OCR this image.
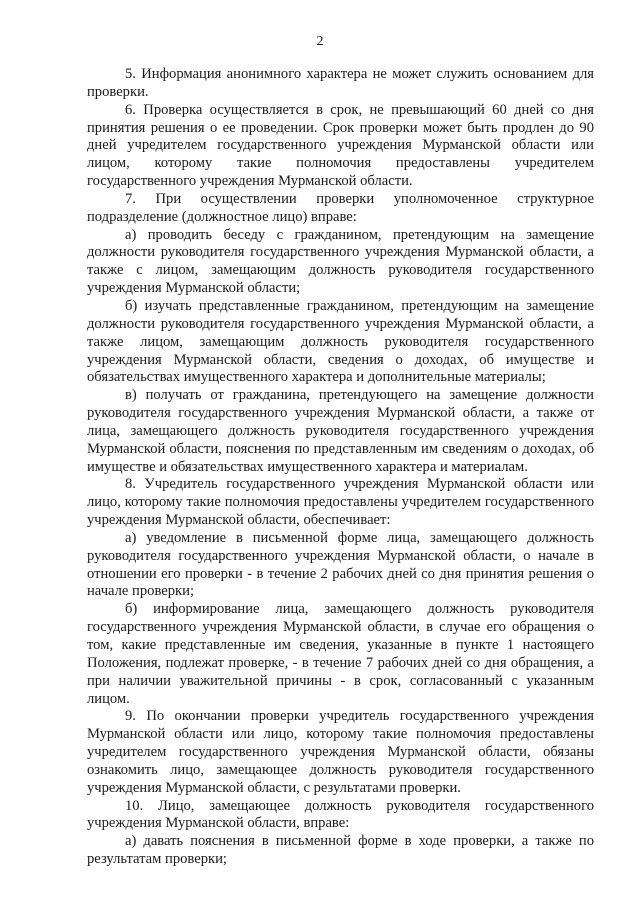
2

5. Информация анонимного характера не может служить основанием для проверки.

6. Проверка осуществляется в срок, не превышающий 60 дней со дня принятия решения о ее проведении. Срок проверки может быть продлен до 90 дней учредителем государственного учреждения Мурманской области или лицом, которому такие полномочия предоставлены учредителем государственного учреждения Мурманской области.

7. При осуществлении проверки уполномоченное структурное подразделение (должностное лицо) вправе:

а) проводить беседу с гражданином, претендующим на замещение должности руководителя государственного учреждения Мурманской области, а также с лицом, замещающим должность руководителя государственного учреждения Мурманской области;

б) изучать представленные гражданином, претендующим на замещение должности руководителя государственного учреждения Мурманской области, а также лицом, замещающим должность руководителя государственного учреждения Мурманской области, сведения о доходах, об имуществе и обязательствах имущественного характера и дополнительные материалы;

в) получать от гражданина, претендующего на замещение должности руководителя государственного учреждения Мурманской области, а также от лица, замещающего должность руководителя государственного учреждения Мурманской области, пояснения по представленным им сведениям о доходах, об имуществе и обязательствах имущественного характера и материалам.

8. Учредитель государственного учреждения Мурманской области или лицо, которому такие полномочия предоставлены учредителем государственного учреждения Мурманской области, обеспечивает:

а) уведомление в письменной форме лица, замещающего должность руководителя государственного учреждения Мурманской области, о начале в отношении его проверки - в течение 2 рабочих дней со дня принятия решения о начале проверки;

б) информирование лица, замещающего должность руководителя государственного учреждения Мурманской области, в случае его обращения о том, какие представленные им сведения, указанные в пункте 1 настоящего Положения, подлежат проверке, - в течение 7 рабочих дней со дня обращения, а при наличии уважительной причины - в срок, согласованный с указанным лицом.

9. По окончании проверки учредитель государственного учреждения Мурманской области или лицо, которому такие полномочия предоставлены учредителем государственного учреждения Мурманской области, обязаны ознакомить лицо, замещающее должность руководителя государственного учреждения Мурманской области, с результатами проверки.

10. Лицо, замещающее должность руководителя государственного учреждения Мурманской области, вправе:

а) давать пояснения в письменной форме в ходе проверки, а также по результатам проверки;
